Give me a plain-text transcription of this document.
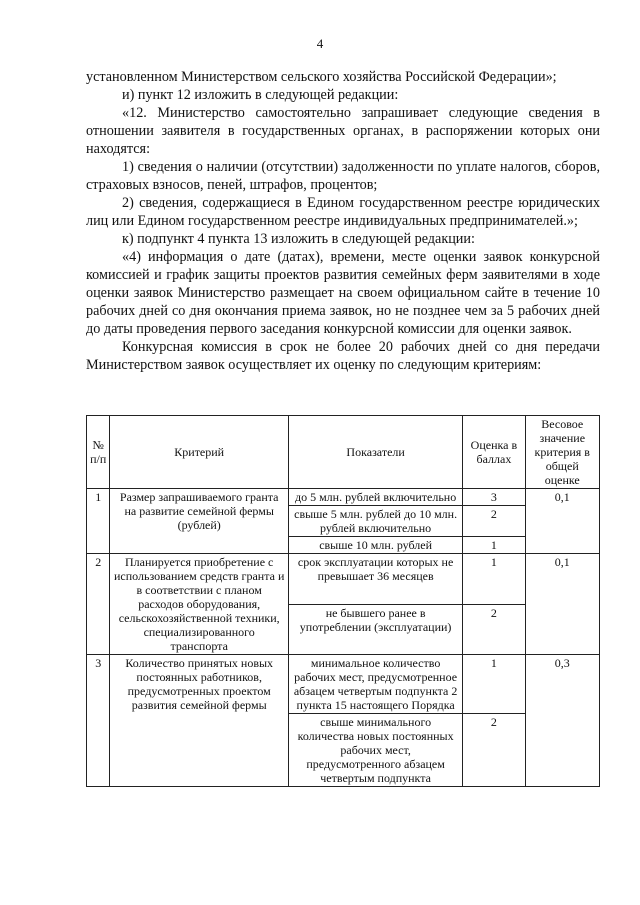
4

установленном Министерством сельского хозяйства Российской Федерации»;

и) пункт 12 изложить в следующей редакции:

«12. Министерство самостоятельно запрашивает следующие сведения в отношении заявителя в государственных органах, в распоряжении которых они находятся:

1) сведения о наличии (отсутствии) задолженности по уплате налогов, сборов, страховых взносов, пеней, штрафов, процентов;

2) сведения, содержащиеся в Едином государственном реестре юридических лиц или Едином государственном реестре индивидуальных предпринимателей.»;

к) подпункт 4 пункта 13 изложить в следующей редакции:

«4) информация о дате (датах), времени, месте оценки заявок конкурсной комиссией и график защиты проектов развития семейных ферм заявителями в ходе оценки заявок Министерство размещает на своем официальном сайте в течение 10 рабочих дней со дня окончания приема заявок, но не позднее чем за 5 рабочих дней до даты проведения первого заседания конкурсной комиссии для оценки заявок.

Конкурсная комиссия в срок не более 20 рабочих дней со дня передачи Министерством заявок осуществляет их оценку по следующим критериям:

№ п/п	Критерий	Показатели	Оценка в баллах	Весовое значение критерия в общей оценке
1	Размер запрашиваемого гранта на развитие семейной фермы (рублей)	до 5 млн. рублей включительно	3	0,1
		свыше 5 млн. рублей до 10 млн. рублей включительно	2	
		свыше 10 млн. рублей	1	
2	Планируется приобретение с использованием средств гранта и в соответствии с планом расходов оборудования, сельскохозяйственной техники, специализированного транспорта	срок эксплуатации которых не превышает 36 месяцев	1	0,1
		не бывшего ранее в употреблении (эксплуатации)	2	
3	Количество принятых новых постоянных работников, предусмотренных проектом развития семейной фермы	минимальное количество рабочих мест, предусмотренное абзацем четвертым подпункта 2 пункта 15 настоящего Порядка	1	0,3
		свыше минимального количества новых постоянных рабочих мест, предусмотренного абзацем четвертым подпункта	2	
